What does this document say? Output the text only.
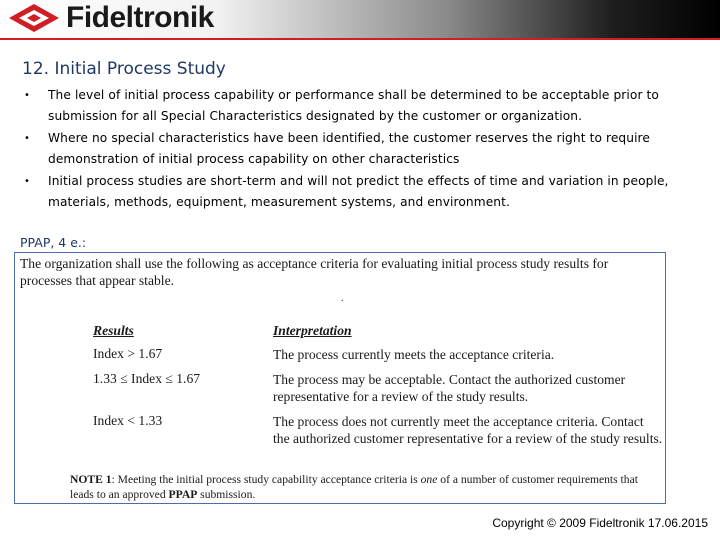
Fideltronik
12. Initial Process Study
• The level of initial process capability or performance shall be determined to be acceptable prior to submission for all Special Characteristics designated by the customer or organization.
• Where no special characteristics have been identified, the customer reserves the right to require demonstration of initial process capability on other characteristics
• Initial process studies are short-term and will not predict the effects of time and variation in people, materials, methods, equipment, measurement systems, and environment.
PPAP, 4 e.:
The organization shall use the following as acceptance criteria for evaluating initial process study results for processes that appear stable.
.
Results	Interpretation
Index > 1.67	The process currently meets the acceptance criteria.
1.33 ≤ Index ≤ 1.67	The process may be acceptable. Contact the authorized customer representative for a review of the study results.
Index < 1.33	The process does not currently meet the acceptance criteria. Contact the authorized customer representative for a review of the study results.
NOTE 1: Meeting the initial process study capability acceptance criteria is one of a number of customer requirements that leads to an approved PPAP submission.
Copyright © 2009 Fideltronik 17.06.2015
